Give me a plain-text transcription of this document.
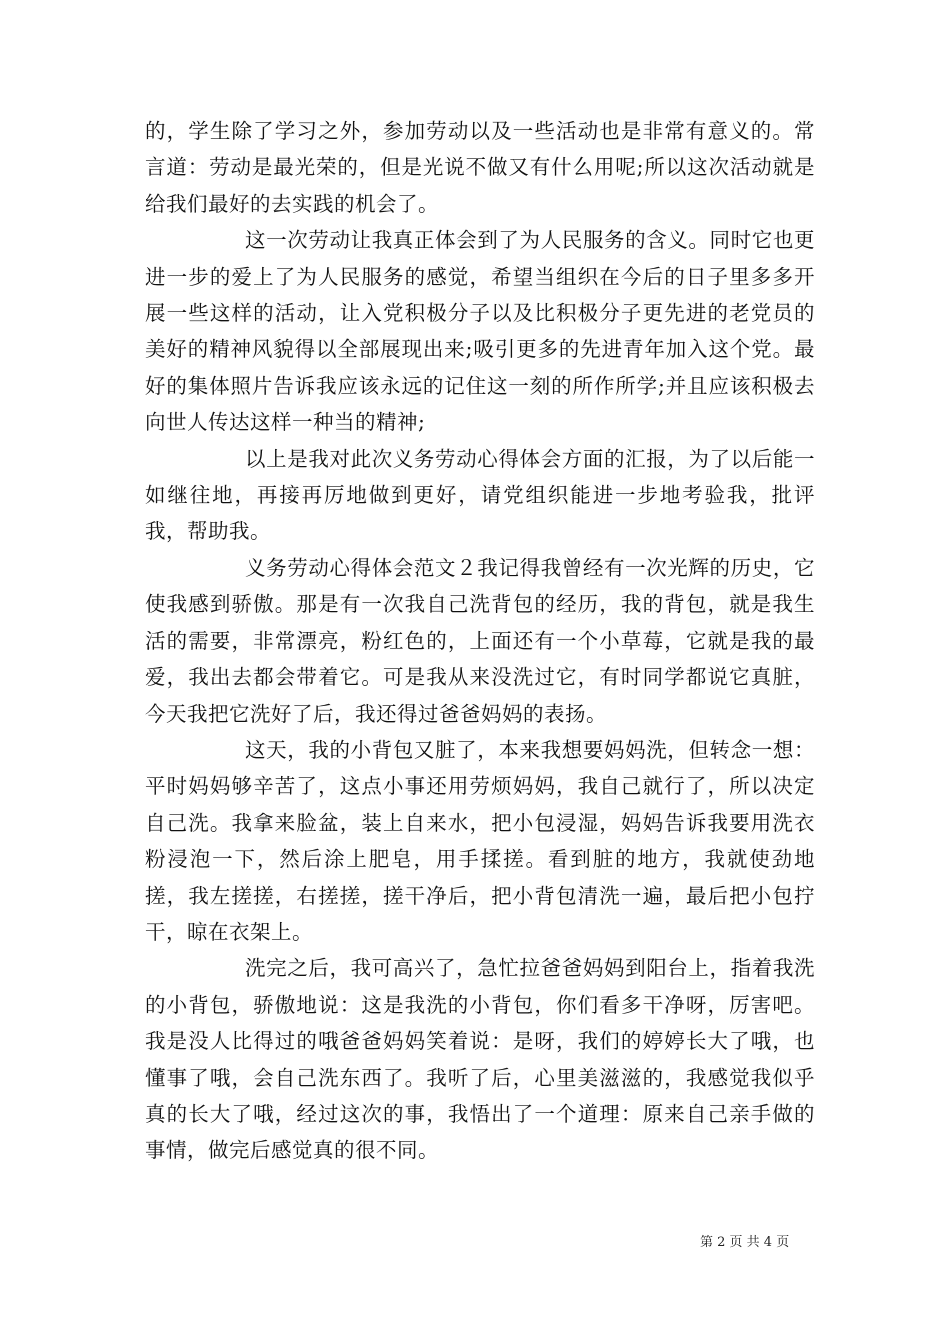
的，学生除了学习之外，参加劳动以及一些活动也是非常有意义的。常言道：劳动是最光荣的，但是光说不做又有什么用呢;所以这次活动就是给我们最好的去实践的机会了。

这一次劳动让我真正体会到了为人民服务的含义。同时它也更进一步的爱上了为人民服务的感觉，希望当组织在今后的日子里多多开展一些这样的活动，让入党积极分子以及比积极分子更先进的老党员的美好的精神风貌得以全部展现出来;吸引更多的先进青年加入这个党。最好的集体照片告诉我应该永远的记住这一刻的所作所学;并且应该积极去向世人传达这样一种当的精神;

以上是我对此次义务劳动心得体会方面的汇报，为了以后能一如继往地，再接再厉地做到更好，请党组织能进一步地考验我，批评我，帮助我。

义务劳动心得体会范文２我记得我曾经有一次光辉的历史，它使我感到骄傲。那是有一次我自己洗背包的经历，我的背包，就是我生活的需要，非常漂亮，粉红色的，上面还有一个小草莓，它就是我的最爱，我出去都会带着它。可是我从来没洗过它，有时同学都说它真脏，今天我把它洗好了后，我还得过爸爸妈妈的表扬。

这天，我的小背包又脏了，本来我想要妈妈洗，但转念一想：平时妈妈够辛苦了，这点小事还用劳烦妈妈，我自己就行了，所以决定自己洗。我拿来脸盆，装上自来水，把小包浸湿，妈妈告诉我要用洗衣粉浸泡一下，然后涂上肥皂，用手揉搓。看到脏的地方，我就使劲地搓，我左搓搓，右搓搓，搓干净后，把小背包清洗一遍，最后把小包拧干，晾在衣架上。

洗完之后，我可高兴了，急忙拉爸爸妈妈到阳台上，指着我洗的小背包，骄傲地说：这是我洗的小背包，你们看多干净呀，厉害吧。我是没人比得过的哦爸爸妈妈笑着说：是呀，我们的婷婷长大了哦，也懂事了哦，会自己洗东西了。我听了后，心里美滋滋的，我感觉我似乎真的长大了哦，经过这次的事，我悟出了一个道理：原来自己亲手做的事情，做完后感觉真的很不同。

第 2 页 共 4 页
